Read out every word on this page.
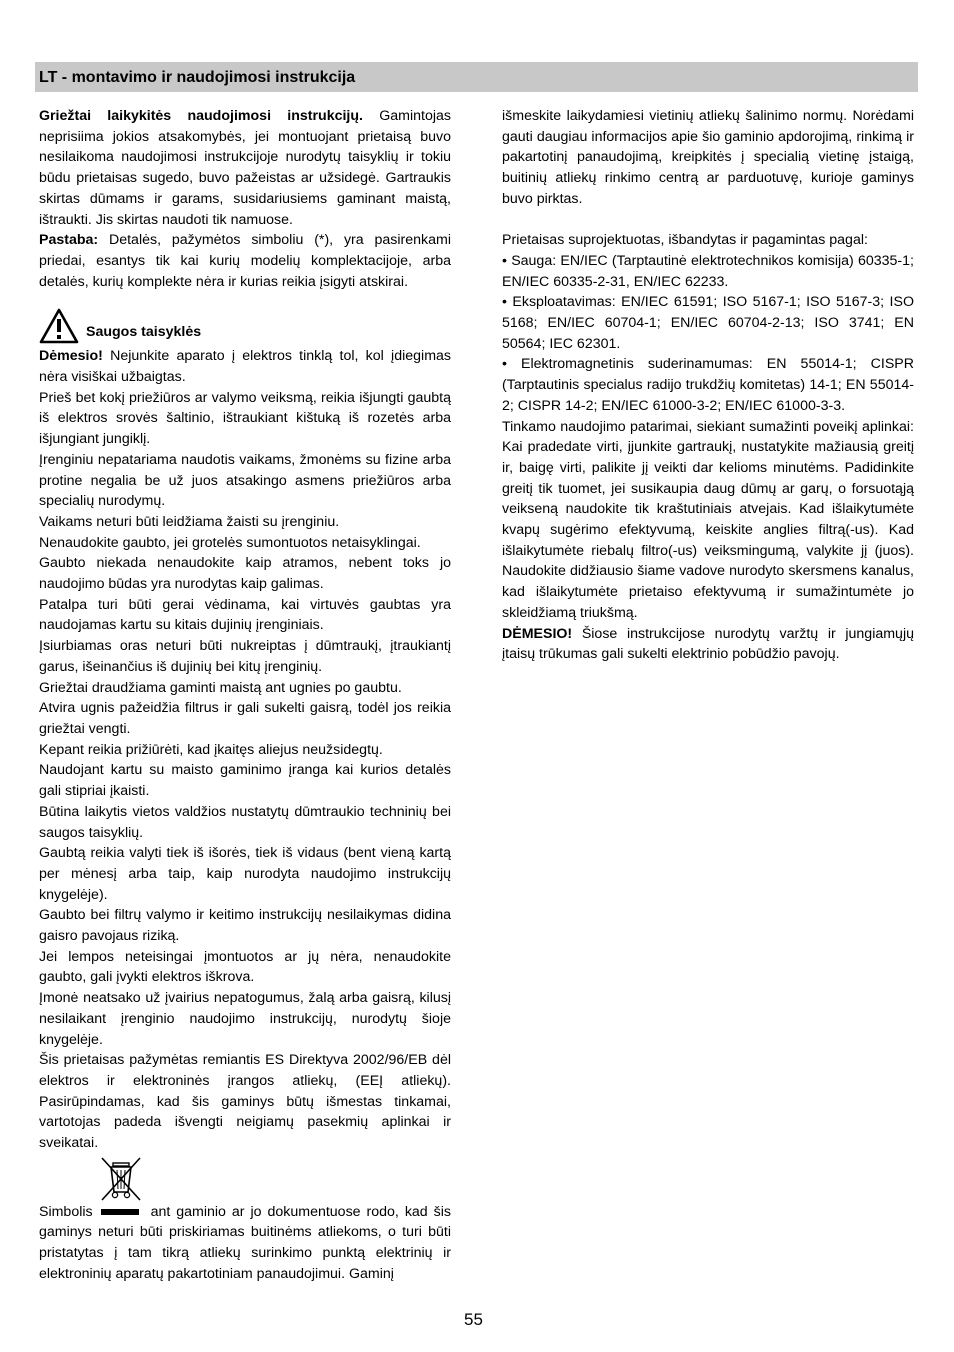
LT - montavimo ir naudojimosi instrukcija

Griežtai laikykitės naudojimosi instrukcijų. Gamintojas neprisiima jokios atsakomybės, jei montuojant prietaisą buvo nesilaikoma naudojimosi instrukcijoje nurodytų taisyklių ir tokiu būdu prietaisas sugedo, buvo pažeistas ar užsidegė. Gartraukis skirtas dūmams ir garams, susidariusiems gaminant maistą, ištraukti. Jis skirtas naudoti tik namuose.

Pastaba: Detalės, pažymėtos simboliu (*), yra pasirenkami priedai, esantys tik kai kurių modelių komplektacijoje, arba detalės, kurių komplekte nėra ir kurias reikia įsigyti atskirai.

Saugos taisyklės

Dėmesio! Nejunkite aparato į elektros tinklą tol, kol įdiegimas nėra visiškai užbaigtas.

Prieš bet kokį priežiūros ar valymo veiksmą, reikia išjungti gaubtą iš elektros srovės šaltinio, ištraukiant kištuką iš rozetės arba išjungiant jungiklį.

Įrenginiu nepatariama naudotis vaikams, žmonėms su fizine arba protine negalia be už juos atsakingo asmens priežiūros arba specialių nurodymų.

Vaikams neturi būti leidžiama žaisti su įrenginiu.

Nenaudokite gaubto, jei grotelės sumontuotos netaisyklingai.

Gaubto niekada nenaudokite kaip atramos, nebent toks jo naudojimo būdas yra nurodytas kaip galimas.

Patalpa turi būti gerai vėdinama, kai virtuvės gaubtas yra naudojamas kartu su kitais dujinių įrenginiais.

Įsiurbiamas oras neturi būti nukreiptas į dūmtraukį, įtraukiantį garus, išeinančius iš dujinių bei kitų įrenginių.

Griežtai draudžiama gaminti maistą ant ugnies po gaubtu.

Atvira ugnis pažeidžia filtrus ir gali sukelti gaisrą, todėl jos reikia griežtai vengti.

Kepant reikia prižiūrėti, kad įkaitęs aliejus neužsidegtų.

Naudojant kartu su maisto gaminimo įranga kai kurios detalės gali stipriai įkaisti.

Būtina laikytis vietos valdžios nustatytų dūmtraukio techninių bei saugos taisyklių.

Gaubtą reikia valyti tiek iš išorės, tiek iš vidaus (bent vieną kartą per mėnesį arba taip, kaip nurodyta naudojimo instrukcijų knygelėje).

Gaubto bei filtrų valymo ir keitimo instrukcijų nesilaikymas didina gaisro pavojaus riziką.

Jei lempos neteisingai įmontuotos ar jų nėra, nenaudokite gaubto, gali įvykti elektros iškrova.

Įmonė neatsako už įvairius nepatogumus, žalą arba gaisrą, kilusį nesilaikant įrenginio naudojimo instrukcijų, nurodytų šioje knygelėje.

Šis prietaisas pažymėtas remiantis ES Direktyva 2002/96/EB dėl elektros ir elektroninės įrangos atliekų, (EEĮ atliekų). Pasirūpindamas, kad šis gaminys būtų išmestas tinkamai, vartotojas padeda išvengti neigiamų pasekmių aplinkai ir sveikatai.

Simbolis	ant gaminio ar jo dokumentuose rodo, kad šis gaminys neturi būti priskiriamas buitinėms atliekoms, o turi būti pristatytas į tam tikrą atliekų surinkimo punktą elektrinių ir elektroninių aparatų pakartotiniam panaudojimui. Gaminį

išmeskite laikydamiesi vietinių atliekų šalinimo normų. Norėdami gauti daugiau informacijos apie šio gaminio apdorojimą, rinkimą ir pakartotinį panaudojimą, kreipkitės į specialią vietinę įstaigą, buitinių atliekų rinkimo centrą ar parduotuvę, kurioje gaminys buvo pirktas.

Prietaisas suprojektuotas, išbandytas ir pagamintas pagal:

• Sauga: EN/IEC (Tarptautinė elektrotechnikos komisija) 60335-1; EN/IEC 60335-2-31, EN/IEC 62233.

• Eksploatavimas: EN/IEC 61591; ISO 5167-1; ISO 5167-3; ISO 5168; EN/IEC 60704-1; EN/IEC 60704-2-13; ISO 3741; EN 50564; IEC 62301.

• Elektromagnetinis suderinamumas: EN 55014-1; CISPR (Tarptautinis specialus radijo trukdžių komitetas) 14-1; EN 55014-2; CISPR 14-2; EN/IEC 61000-3-2; EN/IEC 61000-3-3.

Tinkamo naudojimo patarimai, siekiant sumažinti poveikį aplinkai: Kai pradedate virti, įjunkite gartraukį, nustatykite mažiausią greitį ir, baigę virti, palikite jį veikti dar kelioms minutėms. Padidinkite greitį tik tuomet, jei susikaupia daug dūmų ar garų, o forsuotąją veikseną naudokite tik kraštutiniais atvejais. Kad išlaikytumėte kvapų sugėrimo efektyvumą, keiskite anglies filtrą(-us). Kad išlaikytumėte riebalų filtro(-us) veiksmingumą, valykite jį (juos). Naudokite didžiausio šiame vadove nurodyto skersmens kanalus, kad išlaikytumėte prietaiso efektyvumą ir sumažintumėte jo skleidžiamą triukšmą.

DĖMESIO! Šiose instrukcijose nurodytų varžtų ir jungiamųjų įtaisų trūkumas gali sukelti elektrinio pobūdžio pavojų.

55
